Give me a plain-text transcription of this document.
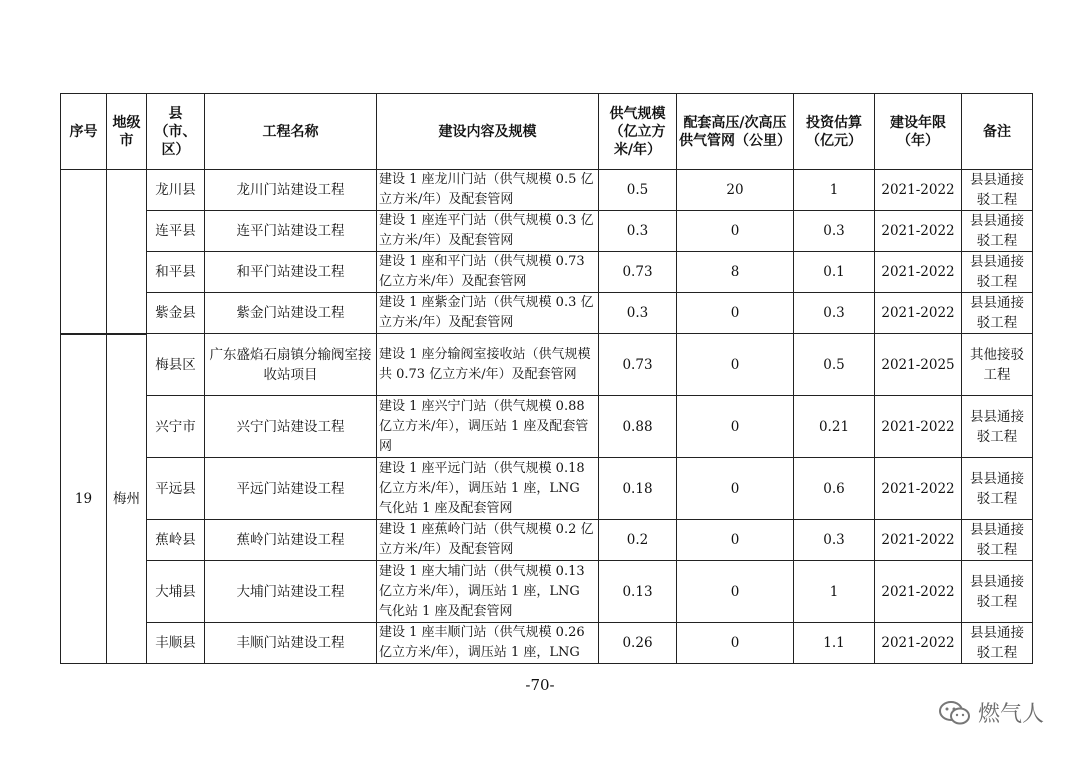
序号	地级市	县（市、区）	工程名称	建设内容及规模	供气规模（亿立方米/年）	配套高压/次高压供气管网（公里）	投资估算（亿元）	建设年限（年）	备注
		龙川县	龙川门站建设工程	建设 1 座龙川门站（供气规模 0.5 亿立方米/年）及配套管网	0.5	20	1	2021-2022	县县通接驳工程
		连平县	连平门站建设工程	建设 1 座连平门站（供气规模 0.3 亿立方米/年）及配套管网	0.3	0	0.3	2021-2022	县县通接驳工程
		和平县	和平门站建设工程	建设 1 座和平门站（供气规模 0.73 亿立方米/年）及配套管网	0.73	8	0.1	2021-2022	县县通接驳工程
		紫金县	紫金门站建设工程	建设 1 座紫金门站（供气规模 0.3 亿立方米/年）及配套管网	0.3	0	0.3	2021-2022	县县通接驳工程
19	梅州	梅县区	广东盛焰石扇镇分输阀室接收站项目	建设 1 座分输阀室接收站（供气规模共 0.73 亿立方米/年）及配套管网	0.73	0	0.5	2021-2025	其他接驳工程
		兴宁市	兴宁门站建设工程	建设 1 座兴宁门站（供气规模 0.88 亿立方米/年），调压站 1 座及配套管网	0.88	0	0.21	2021-2022	县县通接驳工程
		平远县	平远门站建设工程	建设 1 座平远门站（供气规模 0.18 亿立方米/年），调压站 1 座，LNG 气化站 1 座及配套管网	0.18	0	0.6	2021-2022	县县通接驳工程
		蕉岭县	蕉岭门站建设工程	建设 1 座蕉岭门站（供气规模 0.2 亿立方米/年）及配套管网	0.2	0	0.3	2021-2022	县县通接驳工程
		大埔县	大埔门站建设工程	建设 1 座大埔门站（供气规模 0.13 亿立方米/年），调压站 1 座，LNG 气化站 1 座及配套管网	0.13	0	1	2021-2022	县县通接驳工程
		丰顺县	丰顺门站建设工程	建设 1 座丰顺门站（供气规模 0.26 亿立方米/年），调压站 1 座，LNG	0.26	0	1.1	2021-2022	县县通接驳工程
-70-
燃气人
